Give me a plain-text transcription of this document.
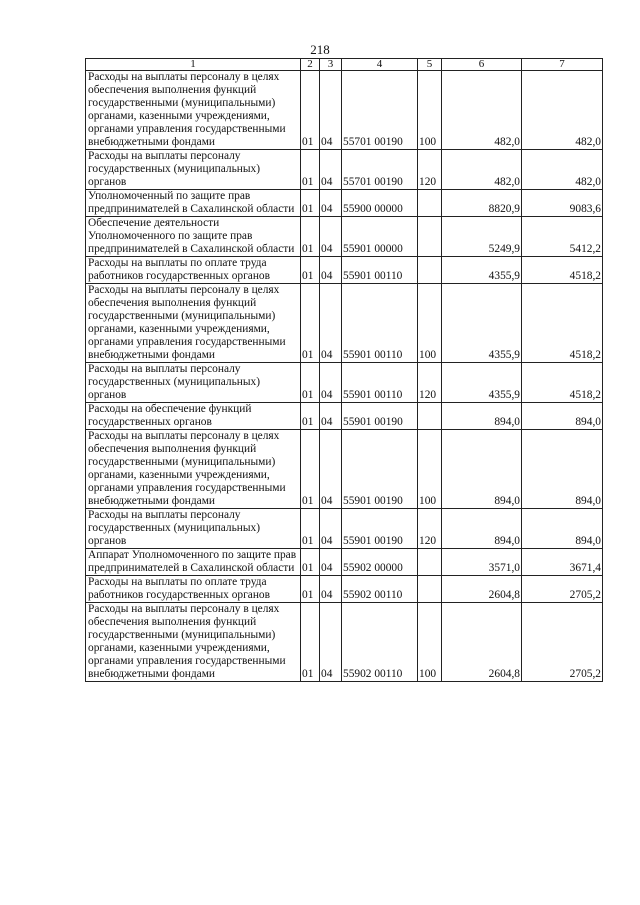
218
1	2	3	4	5	6	7
Расходы на выплаты персоналу в целях обеспечения выполнения функций государственными (муниципальными) органами, казенными учреждениями, органами управления государственными внебюджетными фондами	01	04	55701 00190	100	482,0	482,0
Расходы на выплаты персоналу государственных (муниципальных) органов	01	04	55701 00190	120	482,0	482,0
Уполномоченный по защите прав предпринимателей в Сахалинской области	01	04	55900 00000		8820,9	9083,6
Обеспечение деятельности Уполномоченного по защите прав предпринимателей в Сахалинской области	01	04	55901 00000		5249,9	5412,2
Расходы на выплаты по оплате труда работников государственных органов	01	04	55901 00110		4355,9	4518,2
Расходы на выплаты персоналу в целях обеспечения выполнения функций государственными (муниципальными) органами, казенными учреждениями, органами управления государственными внебюджетными фондами	01	04	55901 00110	100	4355,9	4518,2
Расходы на выплаты персоналу государственных (муниципальных) органов	01	04	55901 00110	120	4355,9	4518,2
Расходы на обеспечение функций государственных органов	01	04	55901 00190		894,0	894,0
Расходы на выплаты персоналу в целях обеспечения выполнения функций государственными (муниципальными) органами, казенными учреждениями, органами управления государственными внебюджетными фондами	01	04	55901 00190	100	894,0	894,0
Расходы на выплаты персоналу государственных (муниципальных) органов	01	04	55901 00190	120	894,0	894,0
Аппарат Уполномоченного по защите прав предпринимателей в Сахалинской области	01	04	55902 00000		3571,0	3671,4
Расходы на выплаты по оплате труда работников государственных органов	01	04	55902 00110		2604,8	2705,2
Расходы на выплаты персоналу в целях обеспечения выполнения функций государственными (муниципальными) органами, казенными учреждениями, органами управления государственными внебюджетными фондами	01	04	55902 00110	100	2604,8	2705,2
